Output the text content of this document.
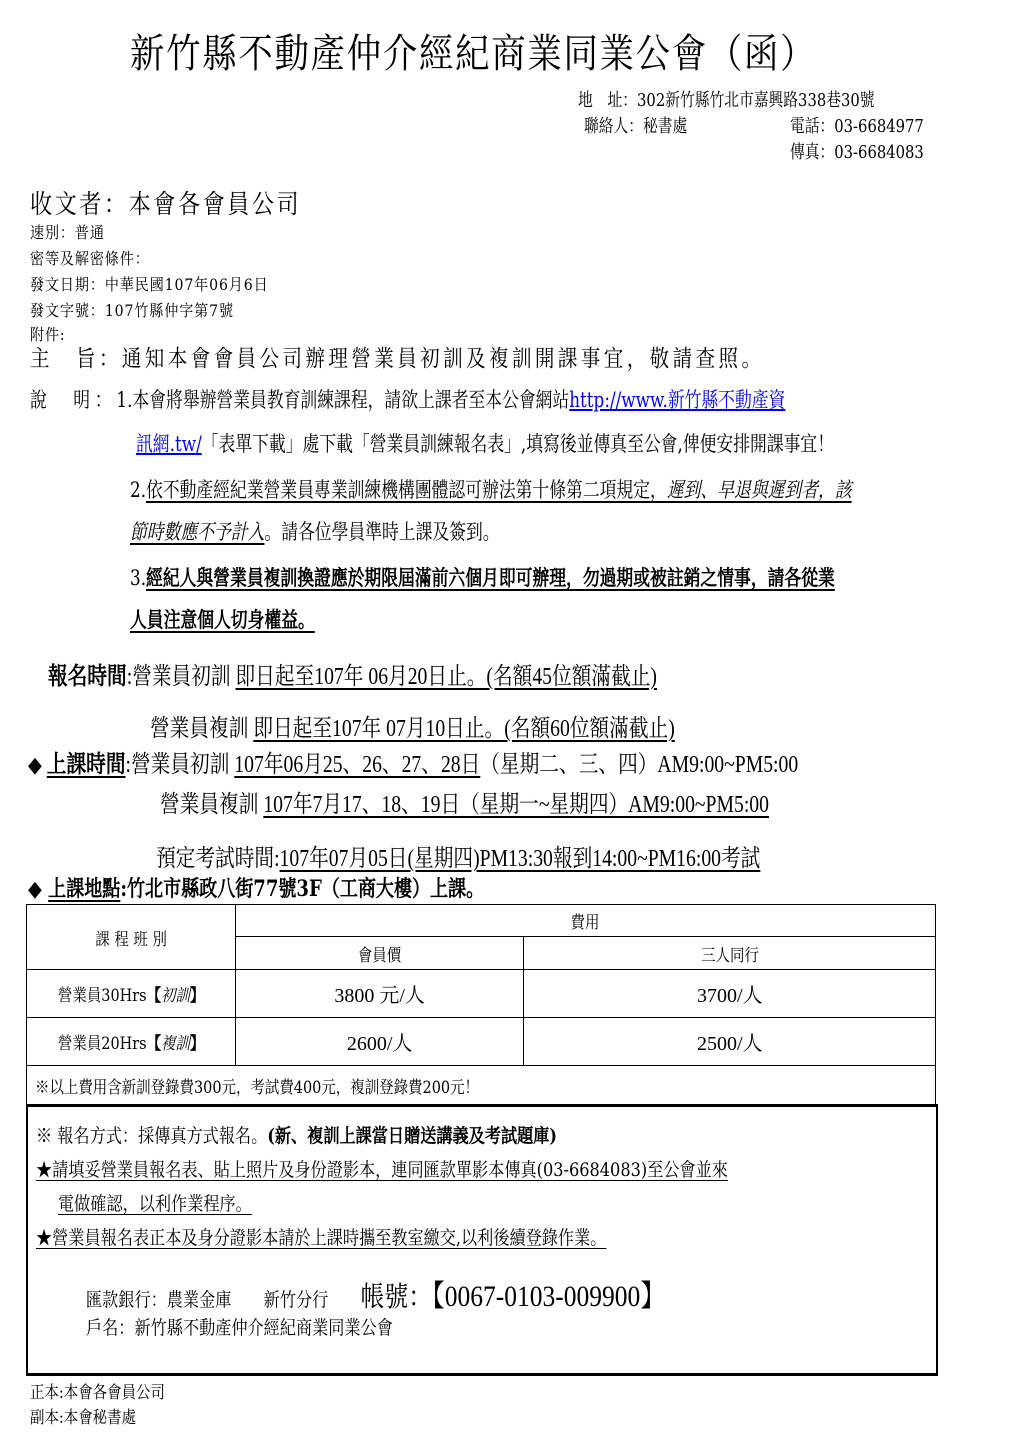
新竹縣不動產仲介經紀商業同業公會（函）
地　址：302新竹縣竹北市嘉興路338巷30號
聯絡人：秘書處	電話：03-6684977
傳真：03-6684083
收文者：本會各會員公司
速別：普通
密等及解密條件：
發文日期：中華民國107年06月6日
發文字號：107竹縣仲字第7號
附件:
主　旨：通知本會會員公司辦理營業員初訓及複訓開課事宜，敬請查照。
說　明：1.本會將舉辦營業員教育訓練課程，請欲上課者至本公會網站http://www.新竹縣不動產資
訊網.tw/「表單下載」處下載「營業員訓練報名表」,填寫後並傳真至公會,俾便安排開課事宜！
2.依不動產經紀業營業員專業訓練機構團體認可辦法第十條第二項規定，遲到、早退與遲到者，該
節時數應不予計入。請各位學員準時上課及簽到。
3.經紀人與營業員複訓換證應於期限屆滿前六個月即可辦理，勿過期或被註銷之情事，請各從業
人員注意個人切身權益。
報名時間:營業員初訓 即日起至107年 06月20日止。(名額45位額滿截止)
營業員複訓 即日起至107年 07月10日止。(名額60位額滿截止)
◆ 上課時間:營業員初訓 107年06月25、26、27、28日（星期二、三、四）AM9:00~PM5:00
營業員複訓 107年7月17、18、19日（星期一~星期四）AM9:00~PM5:00
預定考試時間:107年07月05日(星期四)PM13:30報到14:00~PM16:00考試
◆ 上課地點:竹北市縣政八街77號3F（工商大樓）上課。
課 程 班 別	費用	
	會員價	三人同行
營業員30Hrs【初訓】	3800 元/人	3700/人
營業員20Hrs【複訓】	2600/人	2500/人
※以上費用含新訓登錄費300元，考試費400元，複訓登錄費200元！		
※ 報名方式：採傳真方式報名。(新、複訓上課當日贈送講義及考試題庫)
★請填妥營業員報名表、貼上照片及身份證影本，連同匯款單影本傳真(03-6684083)至公會並來
電做確認，以利作業程序。
★營業員報名表正本及身分證影本請於上課時攜至教室繳交,以利後續登錄作業。
匯款銀行：農業金庫   新竹分行   帳號：【0067-0103-009900】
戶名：新竹縣不動產仲介經紀商業同業公會
正本:本會各會員公司
副本:本會秘書處
